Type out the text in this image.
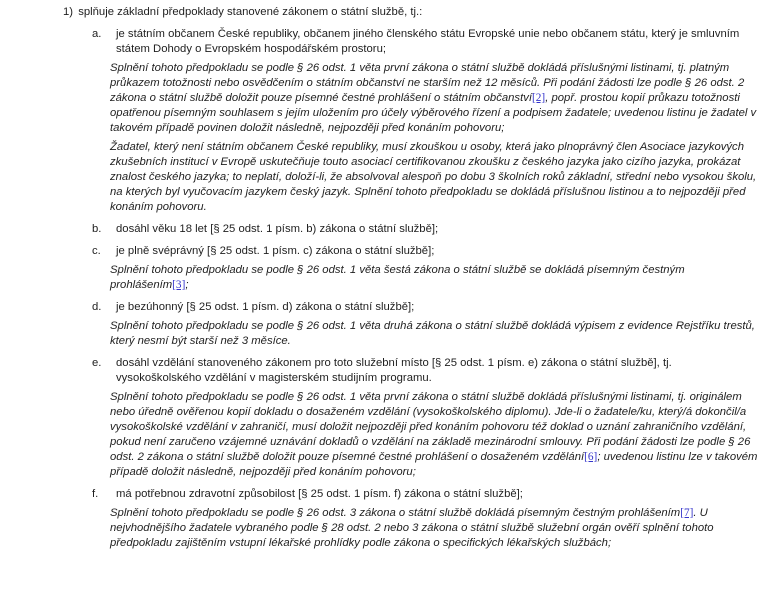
1) splňuje základní předpoklady stanovené zákonem o státní službě, tj.:
a. je státním občanem České republiky, občanem jiného členského státu Evropské unie nebo občanem státu, který je smluvním státem Dohody o Evropském hospodářském prostoru;

Splnění tohoto předpokladu se podle § 26 odst. 1 věta první zákona o státní službě dokládá příslušnými listinami, tj. platným průkazem totožnosti nebo osvědčením o státním občanství ne starším než 12 měsíců. Při podání žádosti lze podle § 26 odst. 2 zákona o státní službě doložit pouze písemné čestné prohlášení o státním občanství[2], popř. prostou kopií průkazu totožnosti opatřenou písemným souhlasem s jejím uložením pro účely výběrového řízení a podpisem žadatele; uvedenou listinu je žadatel v takovém případě povinen doložit následně, nejpozději před konáním pohovoru;

Žadatel, který není státním občanem České republiky, musí zkouškou u osoby, která jako plnoprávný člen Asociace jazykových zkušebních institucí v Evropě uskutečňuje touto asociací certifikovanou zkoušku z českého jazyka jako cizího jazyka, prokázat znalost českého jazyka; to neplatí, doloží-li, že absolvoval alespoň po dobu 3 školních roků základní, střední nebo vysokou školu, na kterých byl vyučovacím jazykem český jazyk. Splnění tohoto předpokladu se dokládá příslušnou listinou a to nejpozději před konáním pohovoru.

b. dosáhl věku 18 let [§ 25 odst. 1 písm. b) zákona o státní službě];
c. je plně svéprávný [§ 25 odst. 1 písm. c) zákona o státní službě];

Splnění tohoto předpokladu se podle § 26 odst. 1 věta šestá zákona o státní službě se dokládá písemným čestným prohlášením[3];

d. je bezúhonný [§ 25 odst. 1 písm. d) zákona o státní službě];

Splnění tohoto předpokladu se podle § 26 odst. 1 věta druhá zákona o státní službě dokládá výpisem z evidence Rejstříku trestů, který nesmí být starší než 3 měsíce.

e. dosáhl vzdělání stanoveného zákonem pro toto služební místo [§ 25 odst. 1 písm. e) zákona o státní službě], tj. vysokoškolského vzdělání v magisterském studijním programu.

Splnění tohoto předpokladu se podle § 26 odst. 1 věta první zákona o státní službě dokládá příslušnými listinami, tj. originálem nebo úředně ověřenou kopií dokladu o dosaženém vzdělání (vysokoškolského diplomu). Jde-li o žadatele/ku, který/á dokončil/a vysokoškolské vzdělání v zahraničí, musí doložit nejpozději před konáním pohovoru též doklad o uznání zahraničního vzdělání, pokud není zaručeno vzájemné uznávání dokladů o vzdělání na základě mezinárodní smlouvy. Při podání žádosti lze podle § 26 odst. 2 zákona o státní službě doložit pouze písemné čestné prohlášení o dosaženém vzdělání[6]; uvedenou listinu lze v takovém případě doložit následně, nejpozději před konáním pohovoru;

f. má potřebnou zdravotní způsobilost [§ 25 odst. 1 písm. f) zákona o státní službě];

Splnění tohoto předpokladu se podle § 26 odst. 3 zákona o státní službě dokládá písemným čestným prohlášením[7]. U nejvhodnějšího žadatele vybraného podle § 28 odst. 2 nebo 3 zákona o státní službě služební orgán ověří splnění tohoto předpokladu zajištěním vstupní lékařské prohlídky podle zákona o specifických lékařských službách;
